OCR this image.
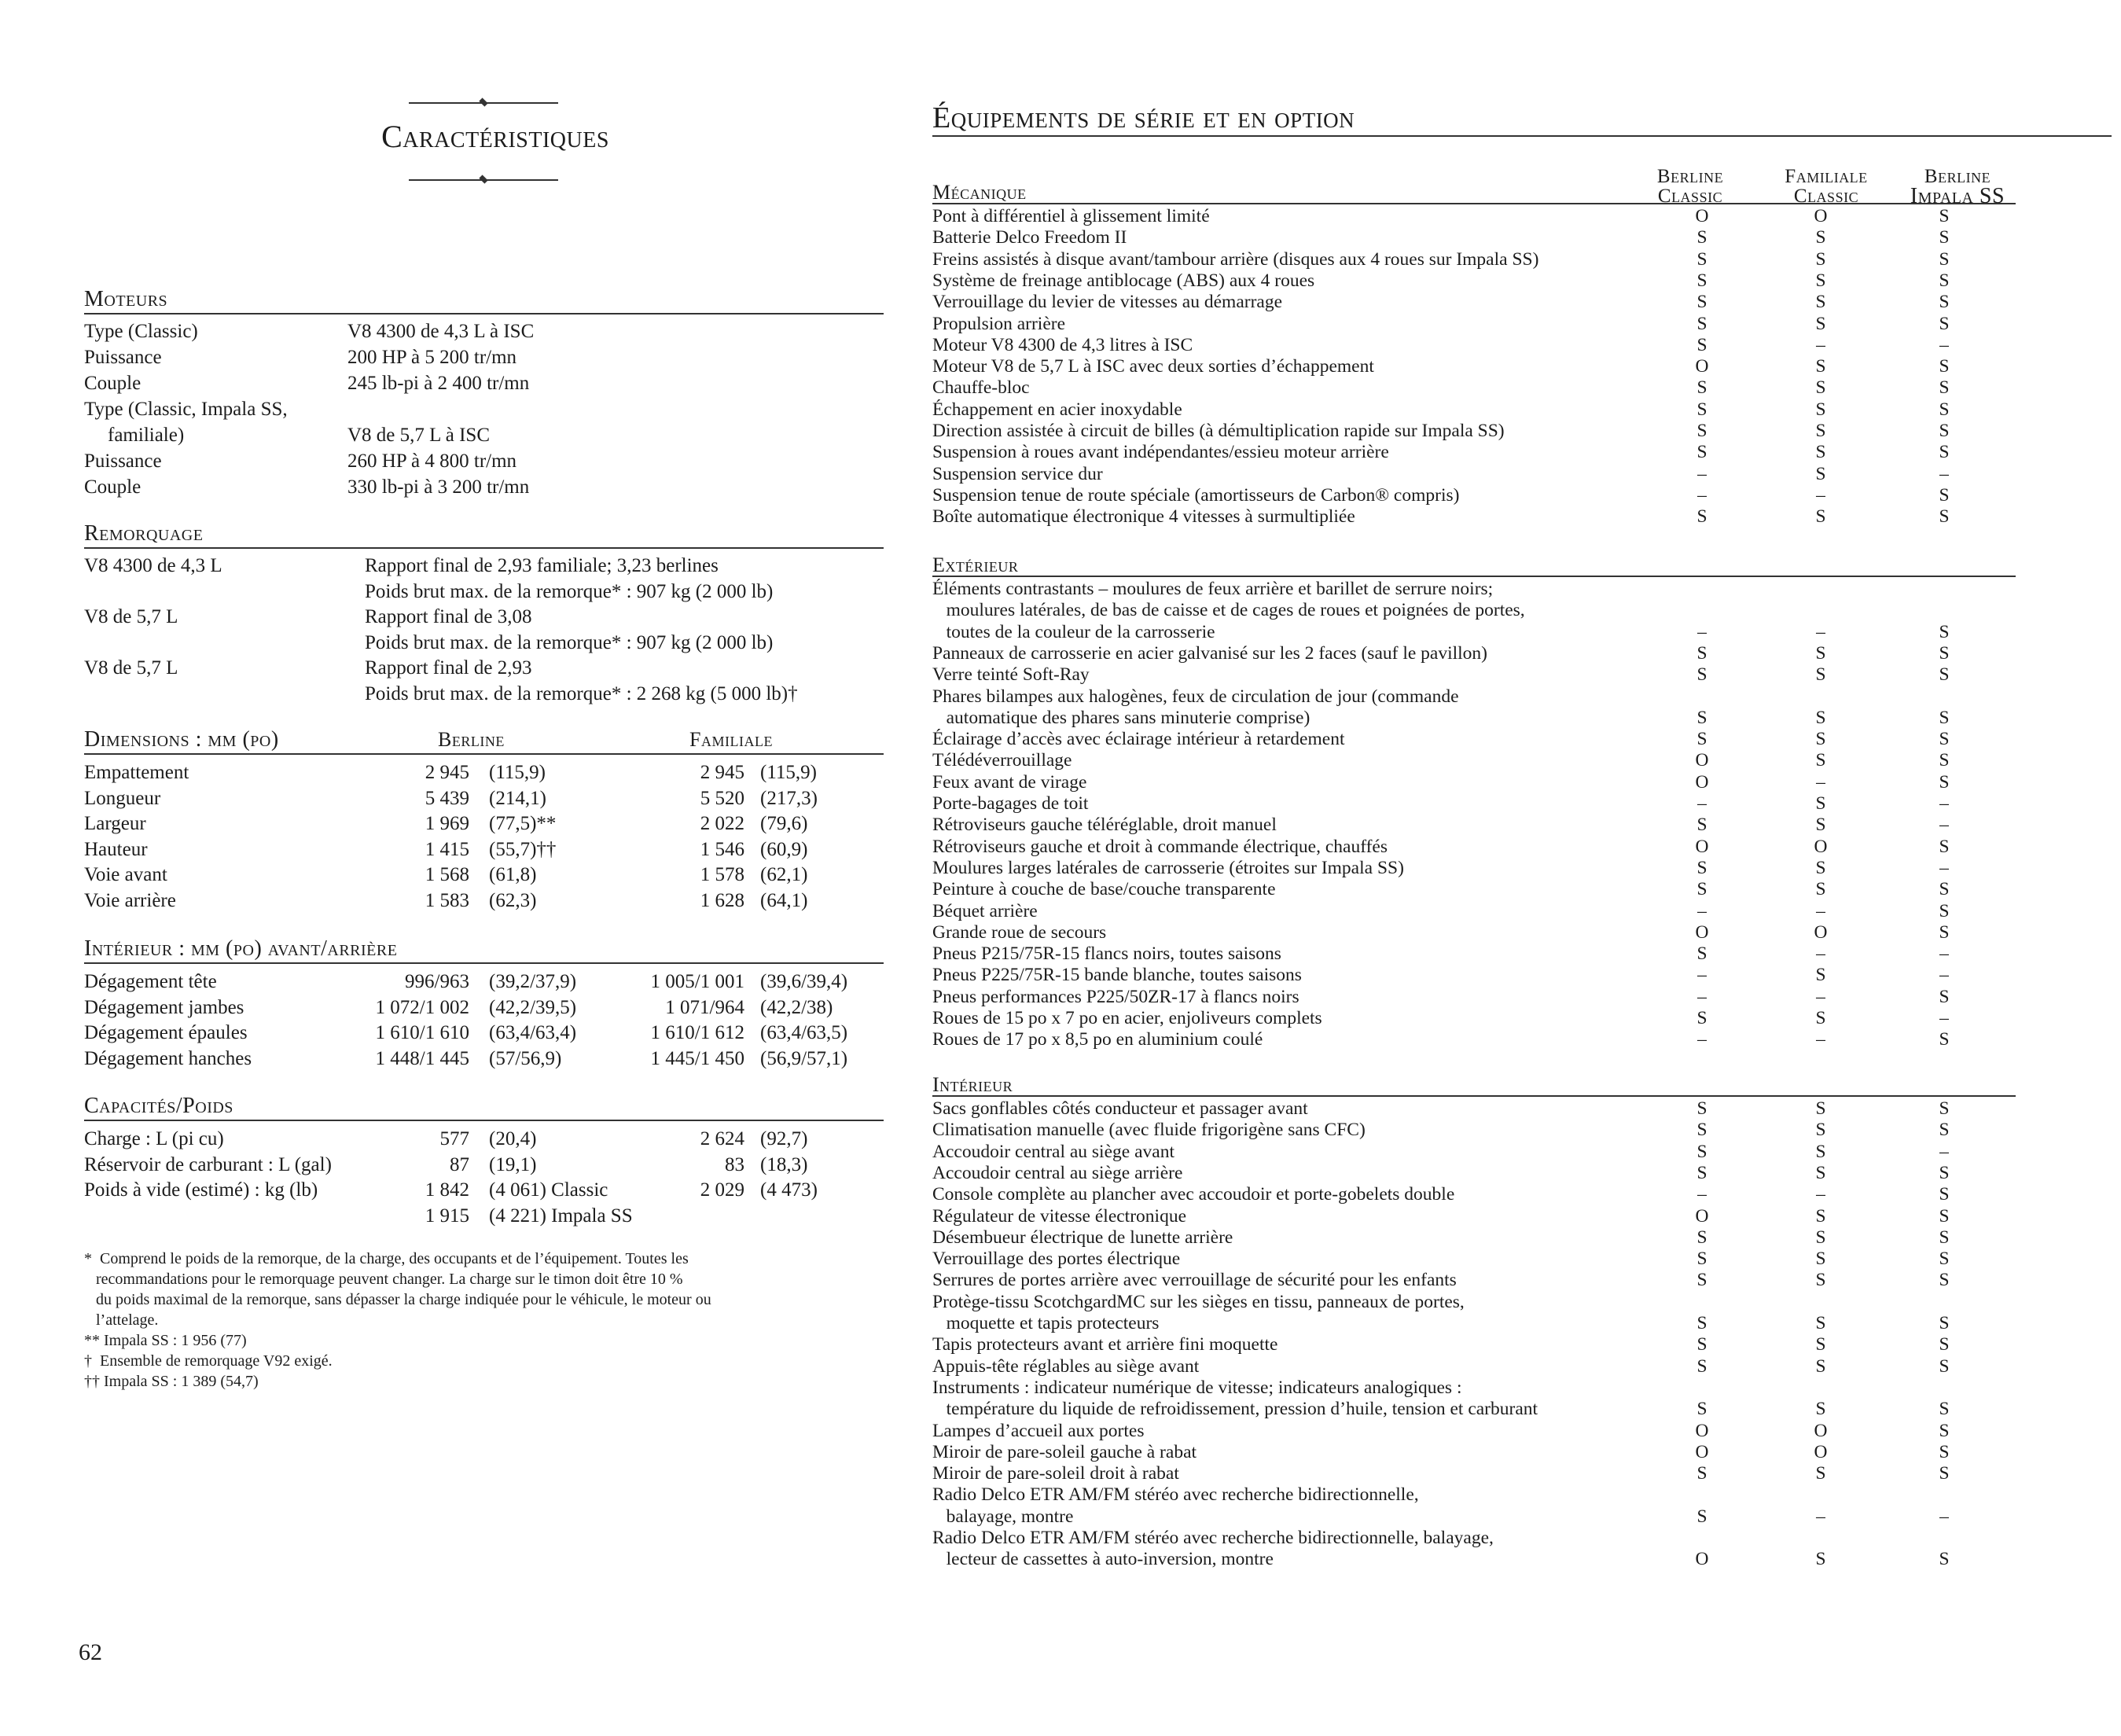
Caractéristiques
Moteurs
Type (Classic)	V8 4300 de 4,3 L à ISC
Puissance	200 HP à 5 200 tr/mn
Couple	245 lb-pi à 2 400 tr/mn
Type (Classic, Impala SS,
familiale)	V8 de 5,7 L à ISC
Puissance	260 HP à 4 800 tr/mn
Couple	330 lb-pi à 3 200 tr/mn
Remorquage
V8 4300 de 4,3 L	Rapport final de 2,93 familiale; 3,23 berlines
Poids brut max. de la remorque* : 907 kg (2 000 lb)
V8 de 5,7 L	Rapport final de 3,08
Poids brut max. de la remorque* : 907 kg (2 000 lb)
V8 de 5,7 L	Rapport final de 2,93
Poids brut max. de la remorque* : 2 268 kg (5 000 lb)†
Dimensions : mm (po)	Berline	Familiale
Empattement	2 945 (115,9)	2 945 (115,9)
Longueur	5 439 (214,1)	5 520 (217,3)
Largeur	1 969 (77,5)**	2 022 (79,6)
Hauteur	1 415 (55,7)††	1 546 (60,9)
Voie avant	1 568 (61,8)	1 578 (62,1)
Voie arrière	1 583 (62,3)	1 628 (64,1)
Intérieur : mm (po) avant/arrière
Dégagement tête	996/963 (39,2/37,9)	1 005/1 001 (39,6/39,4)
Dégagement jambes	1 072/1 002 (42,2/39,5)	1 071/964 (42,2/38)
Dégagement épaules	1 610/1 610 (63,4/63,4)	1 610/1 612 (63,4/63,5)
Dégagement hanches	1 448/1 445 (57/56,9)	1 445/1 450 (56,9/57,1)
Capacités/Poids
Charge : L (pi cu)	577 (20,4)	2 624 (92,7)
Réservoir de carburant : L (gal)	87 (19,1)	83 (18,3)
Poids à vide (estimé) : kg (lb)	1 842 (4 061) Classic	2 029 (4 473)
1 915 (4 221) Impala SS
*  Comprend le poids de la remorque, de la charge, des occupants et de l’équipement. Toutes les
recommandations pour le remorquage peuvent changer. La charge sur le timon doit être 10 %
du poids maximal de la remorque, sans dépasser la charge indiquée pour le véhicule, le moteur ou
l’attelage.
** Impala SS : 1 956 (77)
†  Ensemble de remorquage V92 exigé.
†† Impala SS : 1 389 (54,7)
62
Équipements de série et en option
Berline
Classic
Familiale
Classic
Berline
Impala SS
Mécanique
Pont à différentiel à glissement limité	O	O	S
Batterie Delco Freedom II	S	S	S
Freins assistés à disque avant/tambour arrière (disques aux 4 roues sur Impala SS)	S	S	S
Système de freinage antiblocage (ABS) aux 4 roues	S	S	S
Verrouillage du levier de vitesses au démarrage	S	S	S
Propulsion arrière	S	S	S
Moteur V8 4300 de 4,3 litres à ISC	S	–	–
Moteur V8 de 5,7 L à ISC avec deux sorties d’échappement	O	S	S
Chauffe-bloc	S	S	S
Échappement en acier inoxydable	S	S	S
Direction assistée à circuit de billes (à démultiplication rapide sur Impala SS)	S	S	S
Suspension à roues avant indépendantes/essieu moteur arrière	S	S	S
Suspension service dur	–	S	–
Suspension tenue de route spéciale (amortisseurs de Carbon® compris)	–	–	S
Boîte automatique électronique 4 vitesses à surmultipliée	S	S	S
Extérieur
Éléments contrastants – moulures de feux arrière et barillet de serrure noirs;
moulures latérales, de bas de caisse et de cages de roues et poignées de portes,
toutes de la couleur de la carrosserie	–	–	S
Panneaux de carrosserie en acier galvanisé sur les 2 faces (sauf le pavillon)	S	S	S
Verre teinté Soft-Ray	S	S	S
Phares bilampes aux halogènes, feux de circulation de jour (commande
automatique des phares sans minuterie comprise)	S	S	S
Éclairage d’accès avec éclairage intérieur à retardement	S	S	S
Télédéverrouillage	O	S	S
Feux avant de virage	O	–	S
Porte-bagages de toit	–	S	–
Rétroviseurs gauche téléréglable, droit manuel	S	S	–
Rétroviseurs gauche et droit à commande électrique, chauffés	O	O	S
Moulures larges latérales de carrosserie (étroites sur Impala SS)	S	S	–
Peinture à couche de base/couche transparente	S	S	S
Béquet arrière	–	–	S
Grande roue de secours	O	O	S
Pneus P215/75R-15 flancs noirs, toutes saisons	S	–	–
Pneus P225/75R-15 bande blanche, toutes saisons	–	S	–
Pneus performances P225/50ZR-17 à flancs noirs	–	–	S
Roues de 15 po x 7 po en acier, enjoliveurs complets	S	S	–
Roues de 17 po x 8,5 po en aluminium coulé	–	–	S
Intérieur
Sacs gonflables côtés conducteur et passager avant	S	S	S
Climatisation manuelle (avec fluide frigorigène sans CFC)	S	S	S
Accoudoir central au siège avant	S	S	–
Accoudoir central au siège arrière	S	S	S
Console complète au plancher avec accoudoir et porte-gobelets double	–	–	S
Régulateur de vitesse électronique	O	S	S
Désembueur électrique de lunette arrière	S	S	S
Verrouillage des portes électrique	S	S	S
Serrures de portes arrière avec verrouillage de sécurité pour les enfants	S	S	S
Protège-tissu ScotchgardMC sur les sièges en tissu, panneaux de portes,
moquette et tapis protecteurs	S	S	S
Tapis protecteurs avant et arrière fini moquette	S	S	S
Appuis-tête réglables au siège avant	S	S	S
Instruments : indicateur numérique de vitesse; indicateurs analogiques :
température du liquide de refroidissement, pression d’huile, tension et carburant	S	S	S
Lampes d’accueil aux portes	O	O	S
Miroir de pare-soleil gauche à rabat	O	O	S
Miroir de pare-soleil droit à rabat	S	S	S
Radio Delco ETR AM/FM stéréo avec recherche bidirectionnelle,
balayage, montre	S	–	–
Radio Delco ETR AM/FM stéréo avec recherche bidirectionnelle, balayage,
lecteur de cassettes à auto-inversion, montre	O	S	S
